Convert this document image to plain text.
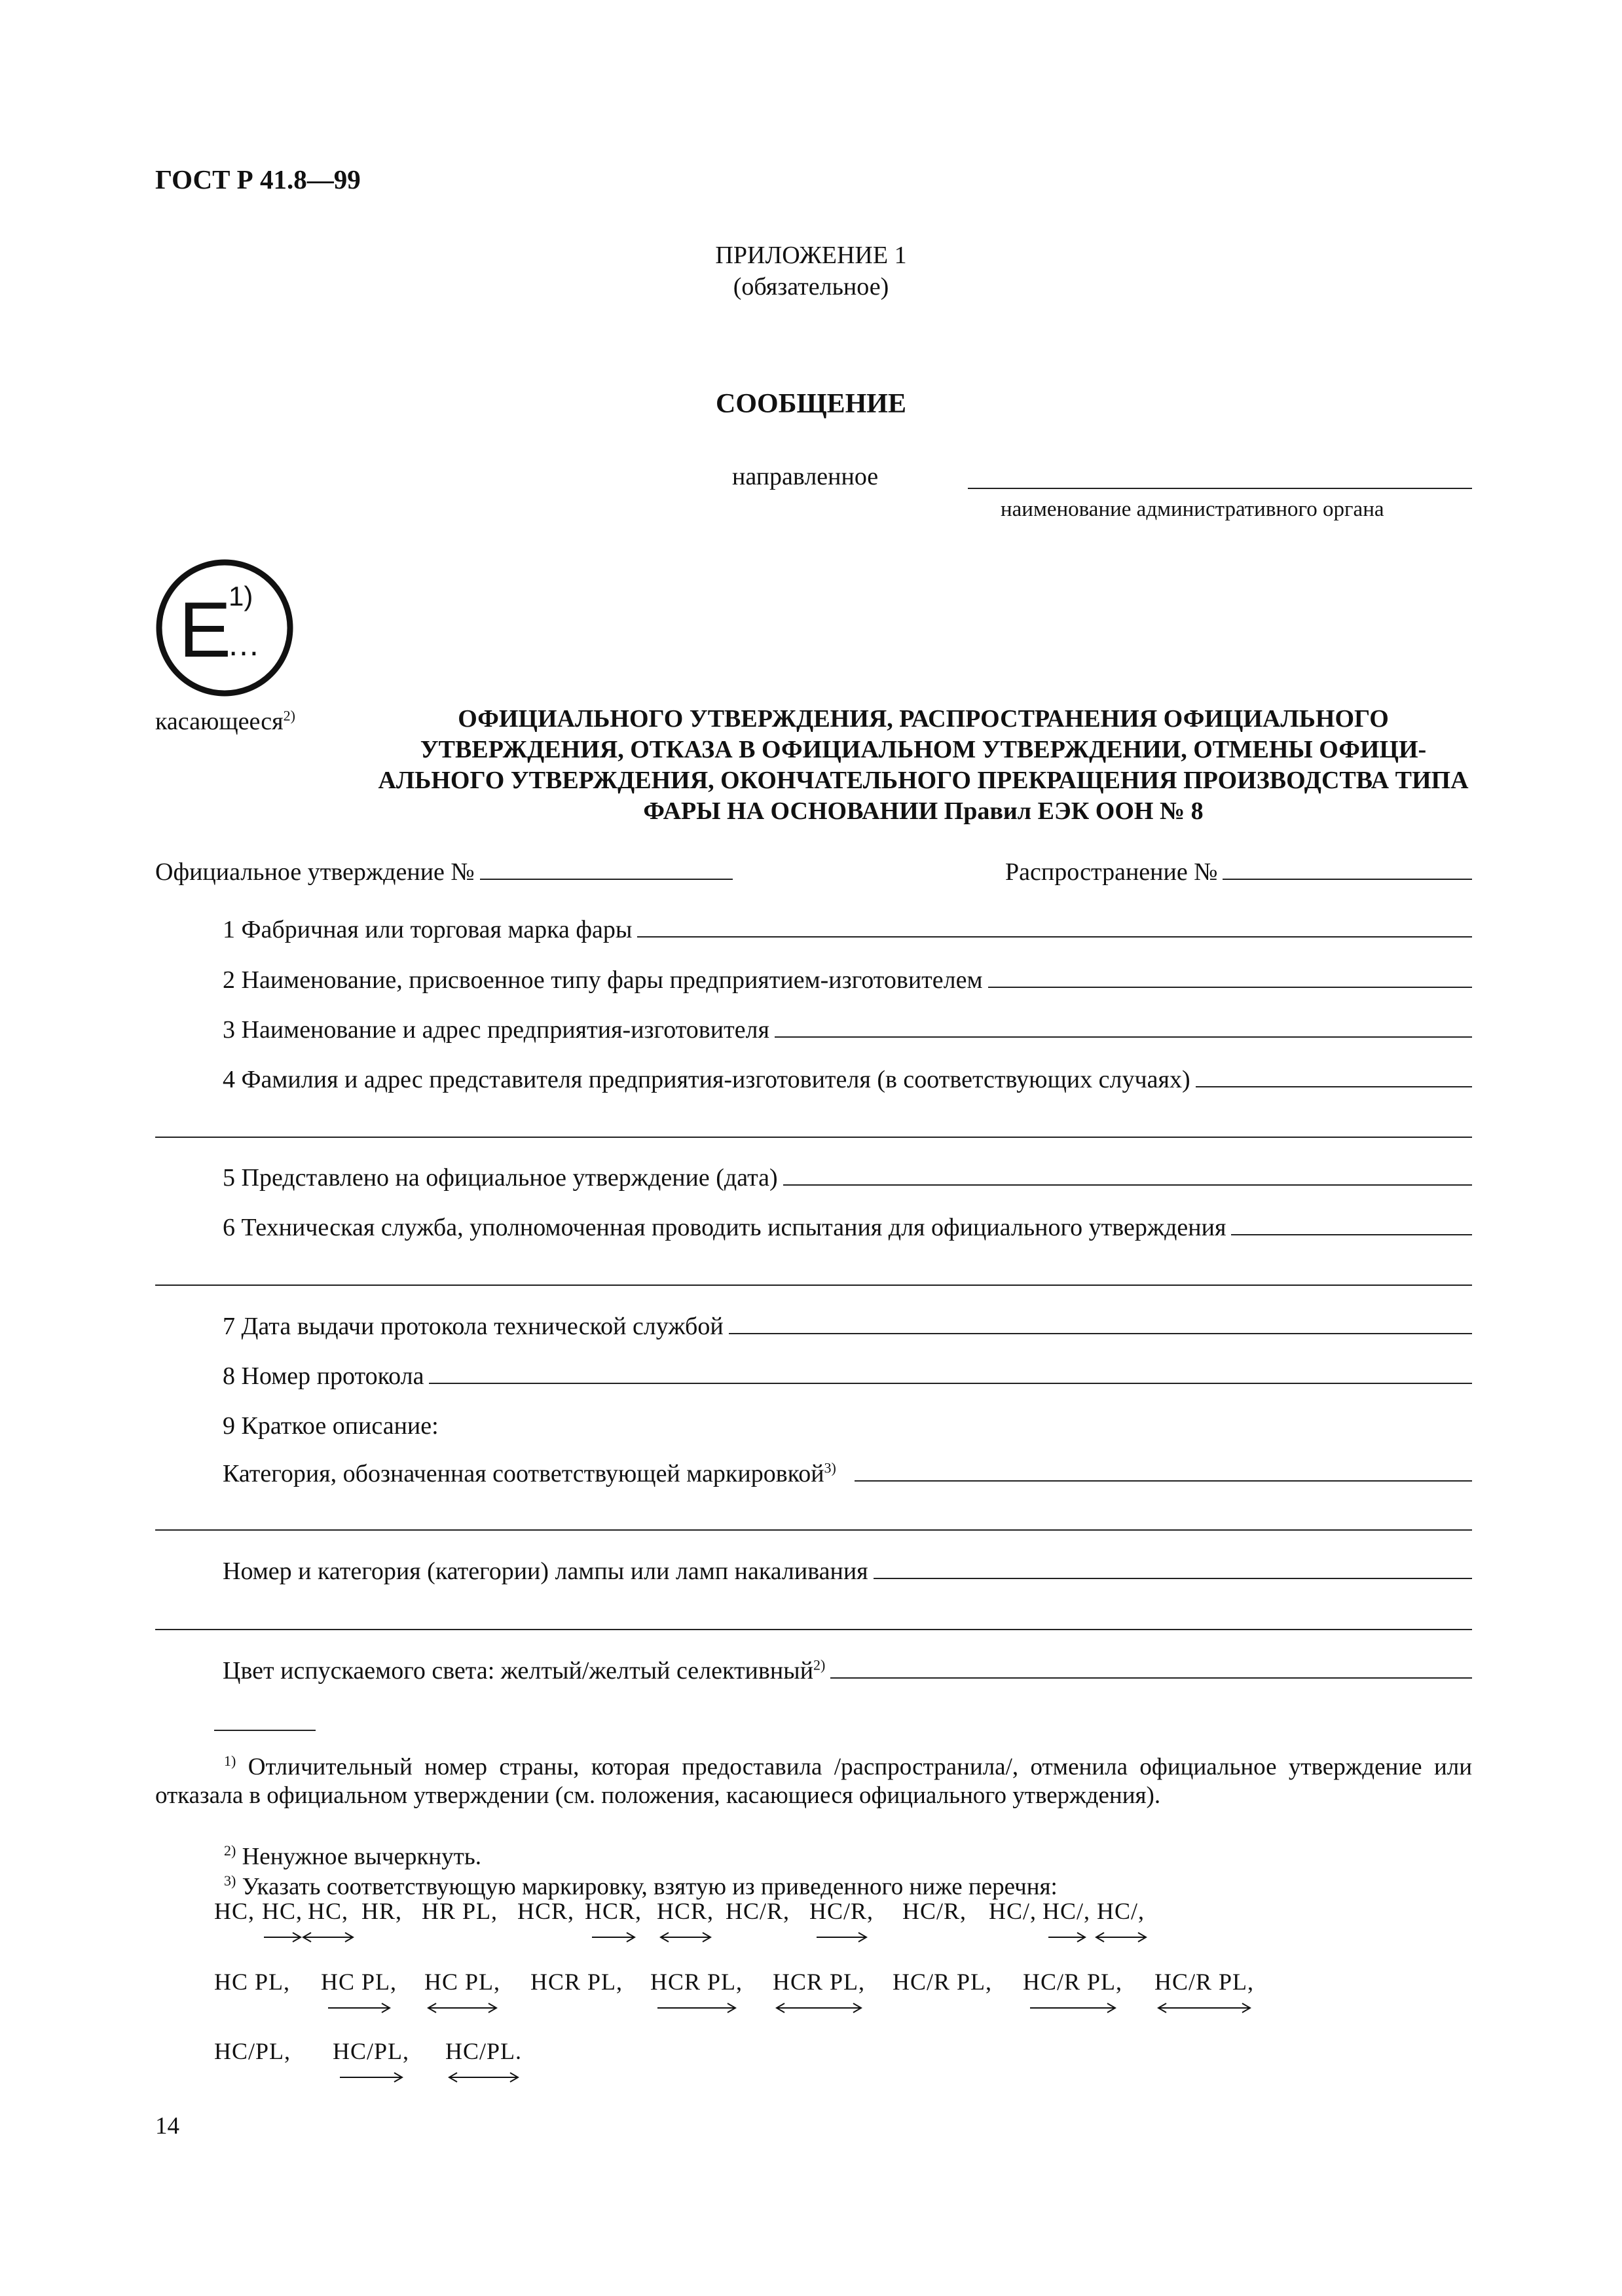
ГОСТ Р 41.8—99
ПРИЛОЖЕНИЕ 1
(обязательное)
СООБЩЕНИЕ
направленное
наименование административного органа
E
1)
…
касающееся$^{2)}$	ОФИЦИАЛЬНОГО УТВЕРЖДЕНИЯ, РАСПРОСТРАНЕНИЯ ОФИЦИАЛЬНОГО УТВЕРЖДЕНИЯ, ОТКАЗА В ОФИЦИАЛЬНОМ УТВЕРЖДЕНИИ, ОТМЕНЫ ОФИЦИ-АЛЬНОГО УТВЕРЖДЕНИЯ, ОКОНЧАТЕЛЬНОГО ПРЕКРАЩЕНИЯ ПРОИЗВОДСТВА ТИПА ФАРЫ НА ОСНОВАНИИ Правил ЕЭК ООН № 8
Официальное утверждение №	Распространение №
1 Фабричная или торговая марка фары
2 Наименование, присвоенное типу фары предприятием-изготовителем
3 Наименование и адрес предприятия-изготовителя
4 Фамилия и адрес представителя предприятия-изготовителя (в соответствующих случаях)
5 Представлено на официальное утверждение (дата)
6 Техническая служба, уполномоченная проводить испытания для официального утверждения
7 Дата выдачи протокола технической службой
8 Номер протокола
9 Краткое описание:
Категория, обозначенная соответствующей маркировкой$^{3)}$
Номер и категория (категории) лампы или ламп накаливания
Цвет испускаемого света: желтый/желтый селективный$^{2)}$
$^{1)}$ Отличительный номер страны, которая предоставила /распространила/, отменила официальное утверждение или отказала в официальном утверждении (см. положения, касающиеся официального утверждения).
$^{2)}$ Ненужное вычеркнуть.
$^{3)}$ Указать соответствующую маркировку, взятую из приведенного ниже перечня:
HC, HC, HC, HR, HR PL, HCR, HCR, HCR, HC/R, HC/R, HC/R, HC/, HC/, HC/,
HC PL, HC PL, HC PL, HCR PL, HCR PL, HCR PL, HC/R PL, HC/R PL, HC/R PL,
HC/PL, HC/PL, HC/PL.
14
